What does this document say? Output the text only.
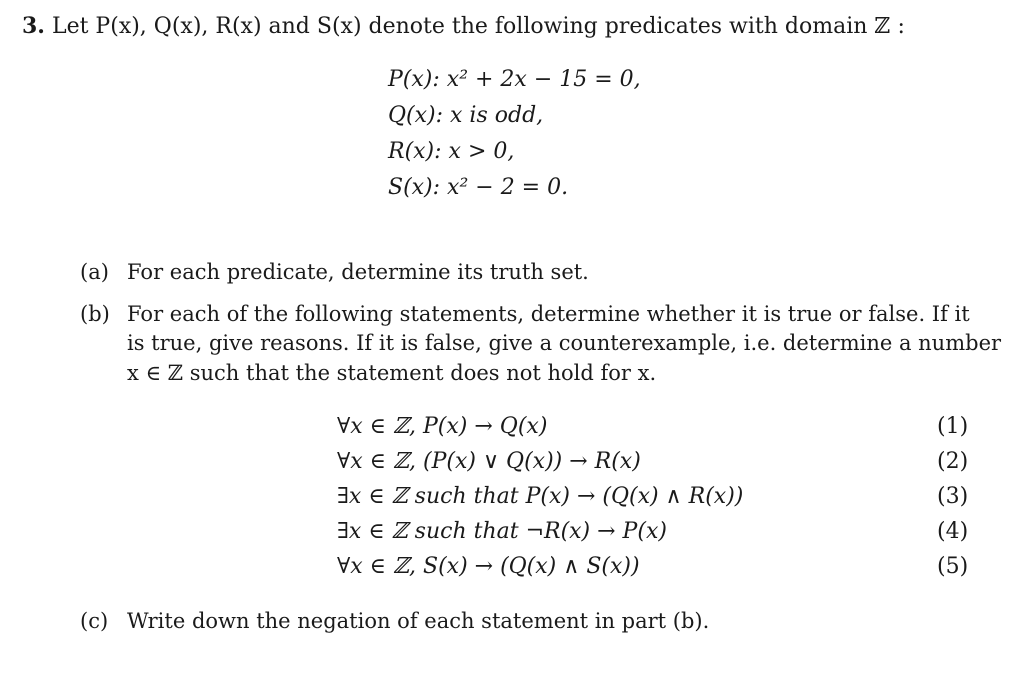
3. Let P(x), Q(x), R(x) and S(x) denote the following predicates with domain ℤ :
P(x): x² + 2x − 15 = 0,
Q(x): x is odd,
R(x): x > 0,
S(x): x² − 2 = 0.
(a) For each predicate, determine its truth set.
(b) For each of the following statements, determine whether it is true or false. If it
is true, give reasons. If it is false, give a counterexample, i.e. determine a number
x ∈ ℤ such that the statement does not hold for x.
∀x ∈ ℤ, P(x) → Q(x)	(1)
∀x ∈ ℤ, (P(x) ∨ Q(x)) → R(x)	(2)
∃x ∈ ℤ such that P(x) → (Q(x) ∧ R(x))	(3)
∃x ∈ ℤ such that ¬R(x) → P(x)	(4)
∀x ∈ ℤ, S(x) → (Q(x) ∧ S(x))	(5)
(c) Write down the negation of each statement in part (b).
